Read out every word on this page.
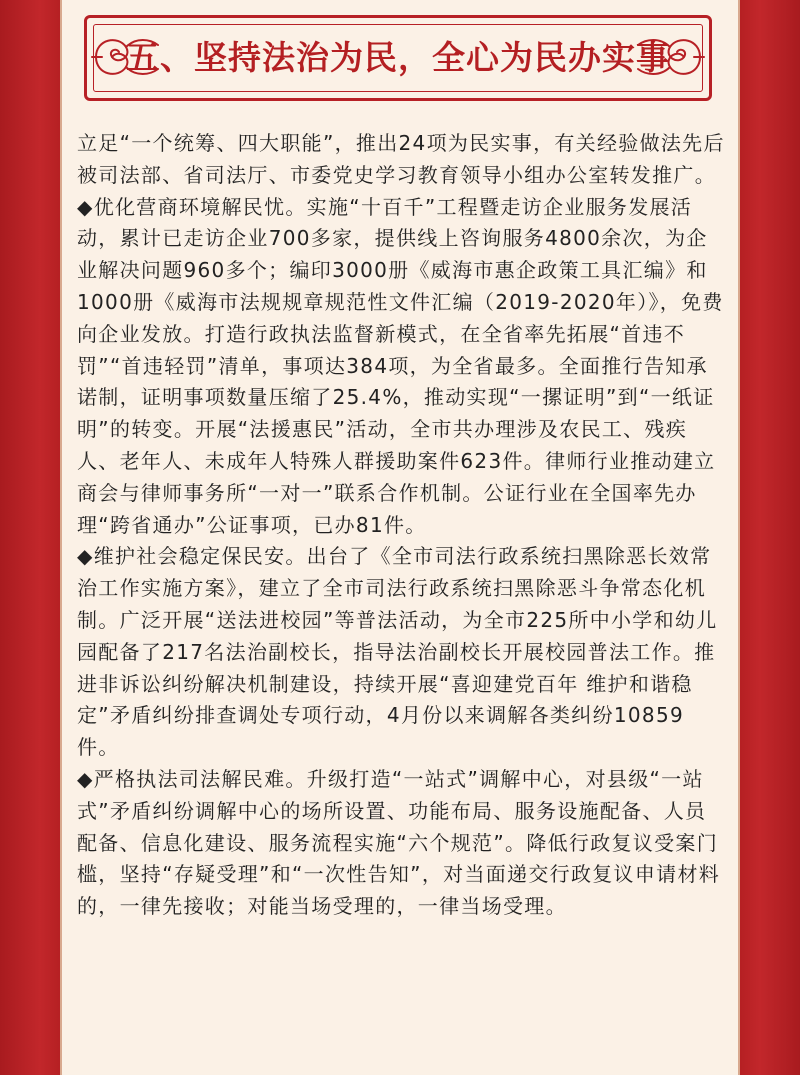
五、坚持法治为民，全心为民办实事

立足“一个统筹、四大职能”，推出24项为民实事，有关经验做法先后被司法部、省司法厅、市委党史学习教育领导小组办公室转发推广。

◆优化营商环境解民忧。实施“十百千”工程暨走访企业服务发展活动，累计已走访企业700多家，提供线上咨询服务4800余次，为企业解决问题960多个；编印3000册《威海市惠企政策工具汇编》和1000册《威海市法规规章规范性文件汇编（2019-2020年）》，免费向企业发放。打造行政执法监督新模式，在全省率先拓展“首违不罚”“首违轻罚”清单，事项达384项，为全省最多。全面推行告知承诺制，证明事项数量压缩了25.4%，推动实现“一摞证明”到“一纸证明”的转变。开展“法援惠民”活动，全市共办理涉及农民工、残疾人、老年人、未成年人特殊人群援助案件623件。律师行业推动建立商会与律师事务所“一对一”联系合作机制。公证行业在全国率先办理“跨省通办”公证事项，已办81件。

◆维护社会稳定保民安。出台了《全市司法行政系统扫黑除恶长效常治工作实施方案》，建立了全市司法行政系统扫黑除恶斗争常态化机制。广泛开展“送法进校园”等普法活动，为全市225所中小学和幼儿园配备了217名法治副校长，指导法治副校长开展校园普法工作。推进非诉讼纠纷解决机制建设，持续开展“喜迎建党百年 维护和谐稳定”矛盾纠纷排查调处专项行动，4月份以来调解各类纠纷10859件。

◆严格执法司法解民难。升级打造“一站式”调解中心，对县级“一站式”矛盾纠纷调解中心的场所设置、功能布局、服务设施配备、人员配备、信息化建设、服务流程实施“六个规范”。降低行政复议受案门槛，坚持“存疑受理”和“一次性告知”，对当面递交行政复议申请材料的，一律先接收；对能当场受理的，一律当场受理。
